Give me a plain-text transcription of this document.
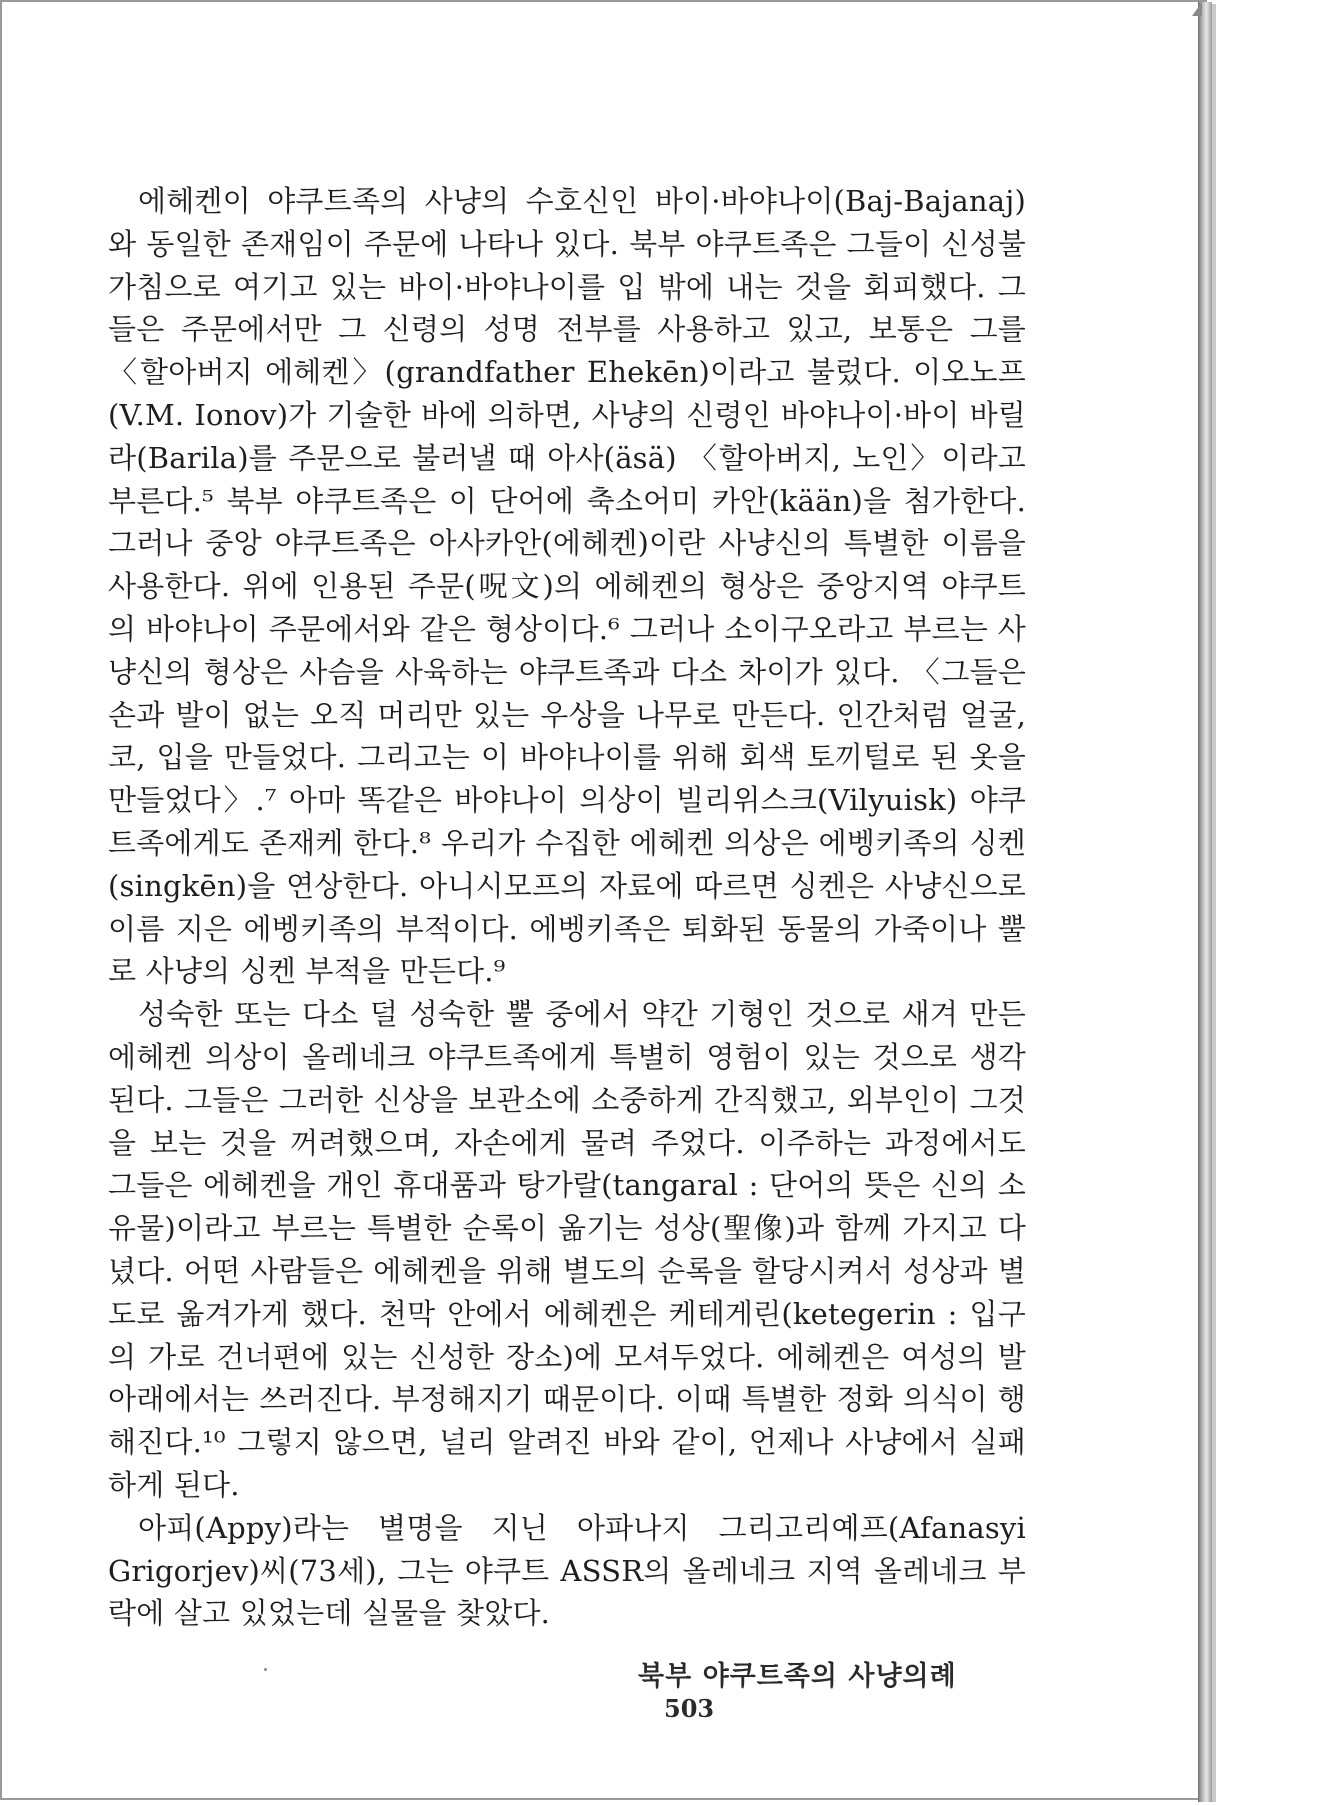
에헤켄이 야쿠트족의 사냥의 수호신인 바이·바야나이(Baj-Bajanaj)와 동일한 존재임이 주문에 나타나 있다. 북부 야쿠트족은 그들이 신성불가침으로 여기고 있는 바이·바야나이를 입 밖에 내는 것을 회피했다. 그들은 주문에서만 그 신령의 성명 전부를 사용하고 있고, 보통은 그를 〈할아버지 에헤켄〉(grandfather Ehekēn)이라고 불렀다. 이오노프(V.M. Ionov)가 기술한 바에 의하면, 사냥의 신령인 바야나이·바이 바릴라(Barila)를 주문으로 불러낼 때 아사(äsä) 〈할아버지, 노인〉이라고 부른다.⁵ 북부 야쿠트족은 이 단어에 축소어미 카안(kään)을 첨가한다. 그러나 중앙 야쿠트족은 아사카안(에헤켄)이란 사냥신의 특별한 이름을 사용한다. 위에 인용된 주문(呪文)의 에헤켄의 형상은 중앙지역 야쿠트의 바야나이 주문에서와 같은 형상이다.⁶ 그러나 소이구오라고 부르는 사냥신의 형상은 사슴을 사육하는 야쿠트족과 다소 차이가 있다. 〈그들은 손과 발이 없는 오직 머리만 있는 우상을 나무로 만든다. 인간처럼 얼굴, 코, 입을 만들었다. 그리고는 이 바야나이를 위해 회색 토끼털로 된 옷을 만들었다〉.⁷ 아마 똑같은 바야나이 의상이 빌리위스크(Vilyuisk) 야쿠트족에게도 존재케 한다.⁸ 우리가 수집한 에헤켄 의상은 에벵키족의 싱켄(singkēn)을 연상한다. 아니시모프의 자료에 따르면 싱켄은 사냥신으로 이름 지은 에벵키족의 부적이다. 에벵키족은 퇴화된 동물의 가죽이나 뿔로 사냥의 싱켄 부적을 만든다.⁹

성숙한 또는 다소 덜 성숙한 뿔 중에서 약간 기형인 것으로 새겨 만든 에헤켄 의상이 올레네크 야쿠트족에게 특별히 영험이 있는 것으로 생각된다. 그들은 그러한 신상을 보관소에 소중하게 간직했고, 외부인이 그것을 보는 것을 꺼려했으며, 자손에게 물려 주었다. 이주하는 과정에서도 그들은 에헤켄을 개인 휴대품과 탕가랄(tangaral : 단어의 뜻은 신의 소유물)이라고 부르는 특별한 순록이 옮기는 성상(聖像)과 함께 가지고 다녔다. 어떤 사람들은 에헤켄을 위해 별도의 순록을 할당시켜서 성상과 별도로 옮겨가게 했다. 천막 안에서 에헤켄은 케테게린(ketegerin : 입구의 가로 건너편에 있는 신성한 장소)에 모셔두었다. 에헤켄은 여성의 발아래에서는 쓰러진다. 부정해지기 때문이다. 이때 특별한 정화 의식이 행해진다.¹⁰ 그렇지 않으면, 널리 알려진 바와 같이, 언제나 사냥에서 실패하게 된다.

아피(Appy)라는 별명을 지닌 아파나지 그리고리예프(Afanasyi Grigorjev)씨(73세), 그는 야쿠트 ASSR의 올레네크 지역 올레네크 부락에 살고 있었는데 실물을 찾았다.

북부 야쿠트족의 사냥의례 503
